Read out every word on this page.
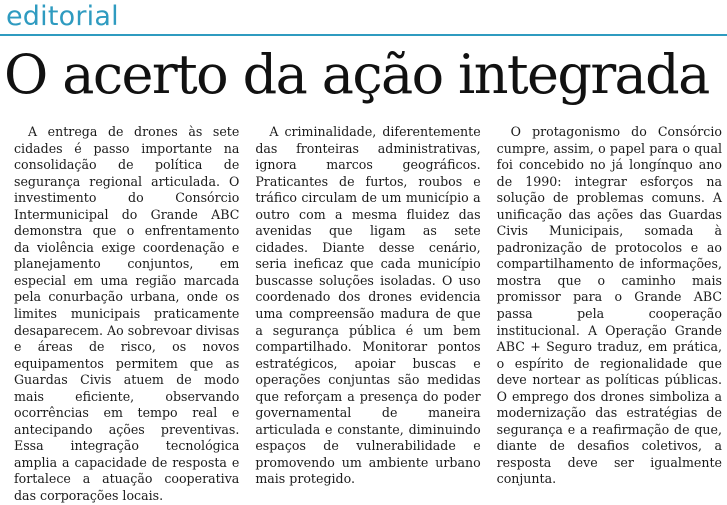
editorial
O acerto da ação integrada

A entrega de drones às sete cidades é passo importante na consolidação de política de segurança regional articulada. O investimento do Consórcio Intermunicipal do Grande ABC demonstra que o enfrentamento da violência exige coordenação e planejamento conjuntos, em especial em uma região marcada pela conurbação urbana, onde os limites municipais praticamente desaparecem. Ao sobrevoar divisas e áreas de risco, os novos equipamentos permitem que as Guardas Civis atuem de modo mais eficiente, observando ocorrências em tempo real e antecipando ações preventivas. Essa integração tecnológica amplia a capacidade de resposta e fortalece a atuação cooperativa das corporações locais.

A criminalidade, diferentemente das fronteiras administrativas, ignora marcos geográficos. Praticantes de furtos, roubos e tráfico circulam de um município a outro com a mesma fluidez das avenidas que ligam as sete cidades. Diante desse cenário, seria ineficaz que cada município buscasse soluções isoladas. O uso coordenado dos drones evidencia uma compreensão madura de que a segurança pública é um bem compartilhado. Monitorar pontos estratégicos, apoiar buscas e operações conjuntas são medidas que reforçam a presença do poder governamental de maneira articulada e constante, diminuindo espaços de vulnerabilidade e promovendo um ambiente urbano mais protegido.

O protagonismo do Consórcio cumpre, assim, o papel para o qual foi concebido no já longínquo ano de 1990: integrar esforços na solução de problemas comuns. A unificação das ações das Guardas Civis Municipais, somada à padronização de protocolos e ao compartilhamento de informações, mostra que o caminho mais promissor para o Grande ABC passa pela cooperação institucional. A Operação Grande ABC + Seguro traduz, em prática, o espírito de regionalidade que deve nortear as políticas públicas. O emprego dos drones simboliza a modernização das estratégias de segurança e a reafirmação de que, diante de desafios coletivos, a resposta deve ser igualmente conjunta.
